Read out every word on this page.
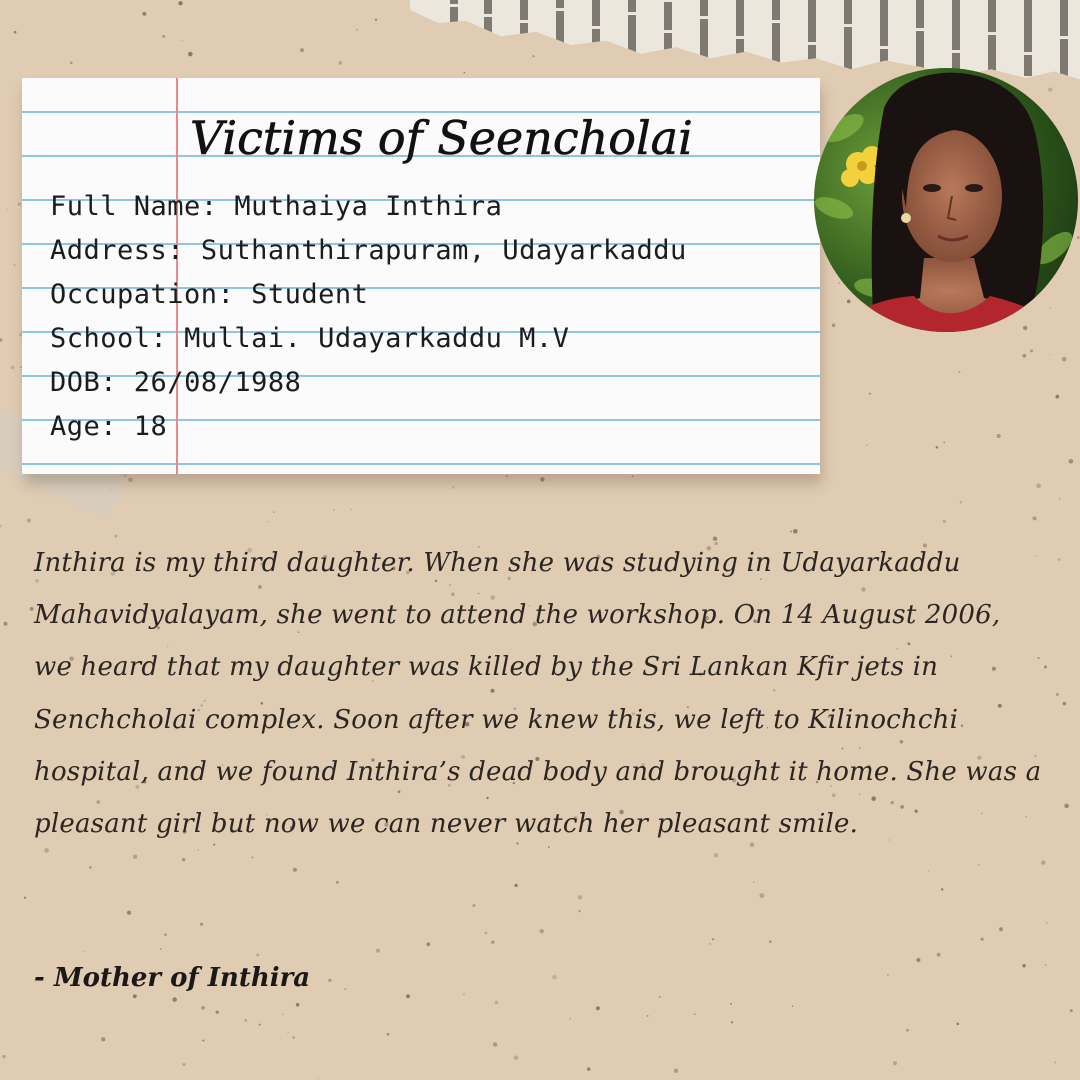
Victims of Seencholai
Full Name: Muthaiya Inthira
Address: Suthanthirapuram, Udayarkaddu
Occupation: Student
School: Mullai. Udayarkaddu M.V
DOB: 26/08/1988
Age: 18

Inthira is my third daughter. When she was studying in Udayarkaddu Mahavidyalayam, she went to attend the workshop. On 14 August 2006, we heard that my daughter was killed by the Sri Lankan Kfir jets in Senchcholai complex. Soon after we knew this, we left to Kilinochchi hospital, and we found Inthira’s dead body and brought it home. She was a pleasant girl but now we can never watch her pleasant smile.

- Mother of Inthira
